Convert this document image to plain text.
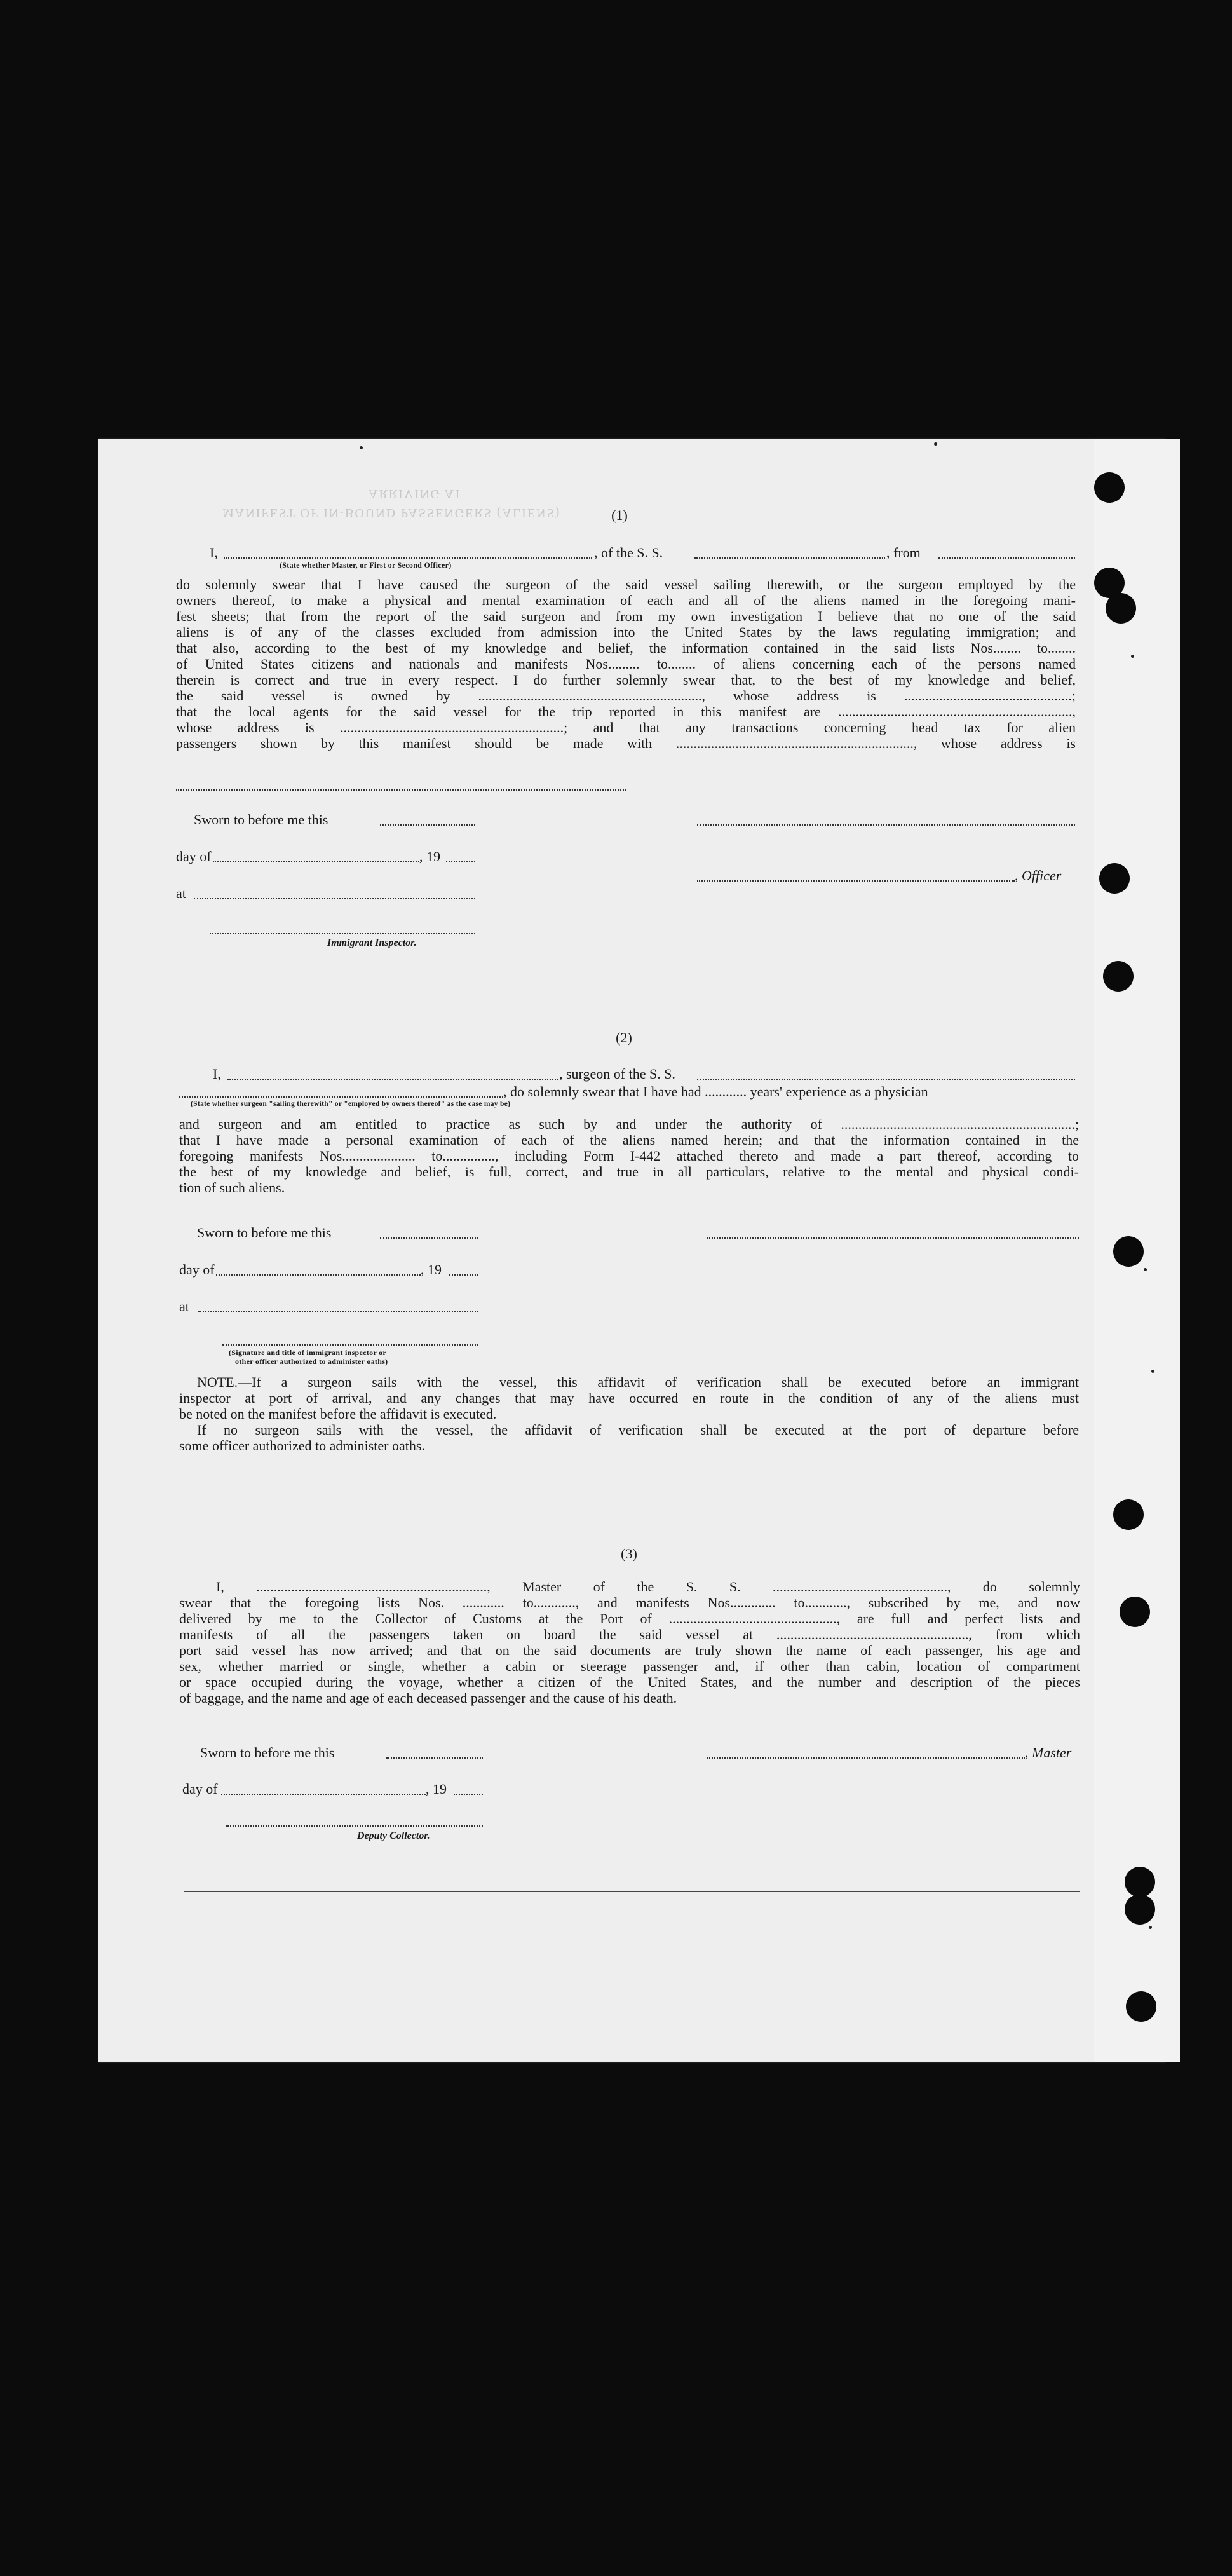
MANIFEST OF IN-BOUND PASSENGERS (ALIENS)
ARRIVING AT
(1)
I,	, of the S. S.	, from
(State whether Master, or First or Second Officer)
do solemnly swear that I have caused the surgeon of the said vessel sailing therewith, or the surgeon employed by the
owners thereof, to make a physical and mental examination of each and all of the aliens named in the foregoing mani-
fest sheets; that from the report of the said surgeon and from my own investigation I believe that no one of the said
aliens is of any of the classes excluded from admission into the United States by the laws regulating immigration; and
that also, according to the best of my knowledge and belief, the information contained in the said lists Nos........ to........
of United States citizens and nationals and manifests Nos......... to........ of aliens concerning each of the persons named
therein is correct and true in every respect. I do further solemnly swear that, to the best of my knowledge and belief,
the said vessel is owned by ................................................................, whose address is ................................................;
that the local agents for the said vessel for the trip reported in this manifest are ...................................................................,
whose address is ................................................................; and that any transactions concerning head tax for alien
passengers shown by this manifest should be made with ...................................................................., whose address is
Sworn to before me this
day of	, 19
, Officer
at
Immigrant Inspector.
(2)
I,	, surgeon of the S. S.
, do solemnly swear that I have had ............ years' experience as a physician
(State whether surgeon "sailing therewith" or "employed by owners thereof" as the case may be)
and surgeon and am entitled to practice as such by and under the authority of ...................................................................;
that I have made a personal examination of each of the aliens named herein; and that the information contained in the
foregoing manifests Nos..................... to..............., including Form I-442 attached thereto and made a part thereof, according to
the best of my knowledge and belief, is full, correct, and true in all particulars, relative to the mental and physical condi-
tion of such aliens.
Sworn to before me this
day of	, 19
at
(Signature and title of immigrant inspector or
other officer authorized to administer oaths)
NOTE.—If a surgeon sails with the vessel, this affidavit of verification shall be executed before an immigrant
inspector at port of arrival, and any changes that may have occurred en route in the condition of any of the aliens must
be noted on the manifest before the affidavit is executed.
If no surgeon sails with the vessel, the affidavit of verification shall be executed at the port of departure before
some officer authorized to administer oaths.
(3)
I, .................................................................., Master of the S. S. .................................................., do solemnly
swear that the foregoing lists Nos. ............ to............, and manifests Nos............. to............, subscribed by me, and now
delivered by me to the Collector of Customs at the Port of ................................................, are full and perfect lists and
manifests of all the passengers taken on board the said vessel at ......................................................., from which
port said vessel has now arrived; and that on the said documents are truly shown the name of each passenger, his age and
sex, whether married or single, whether a cabin or steerage passenger and, if other than cabin, location of compartment
or space occupied during the voyage, whether a citizen of the United States, and the number and description of the pieces
of baggage, and the name and age of each deceased passenger and the cause of his death.
Sworn to before me this	, Master
day of	, 19
Deputy Collector.
